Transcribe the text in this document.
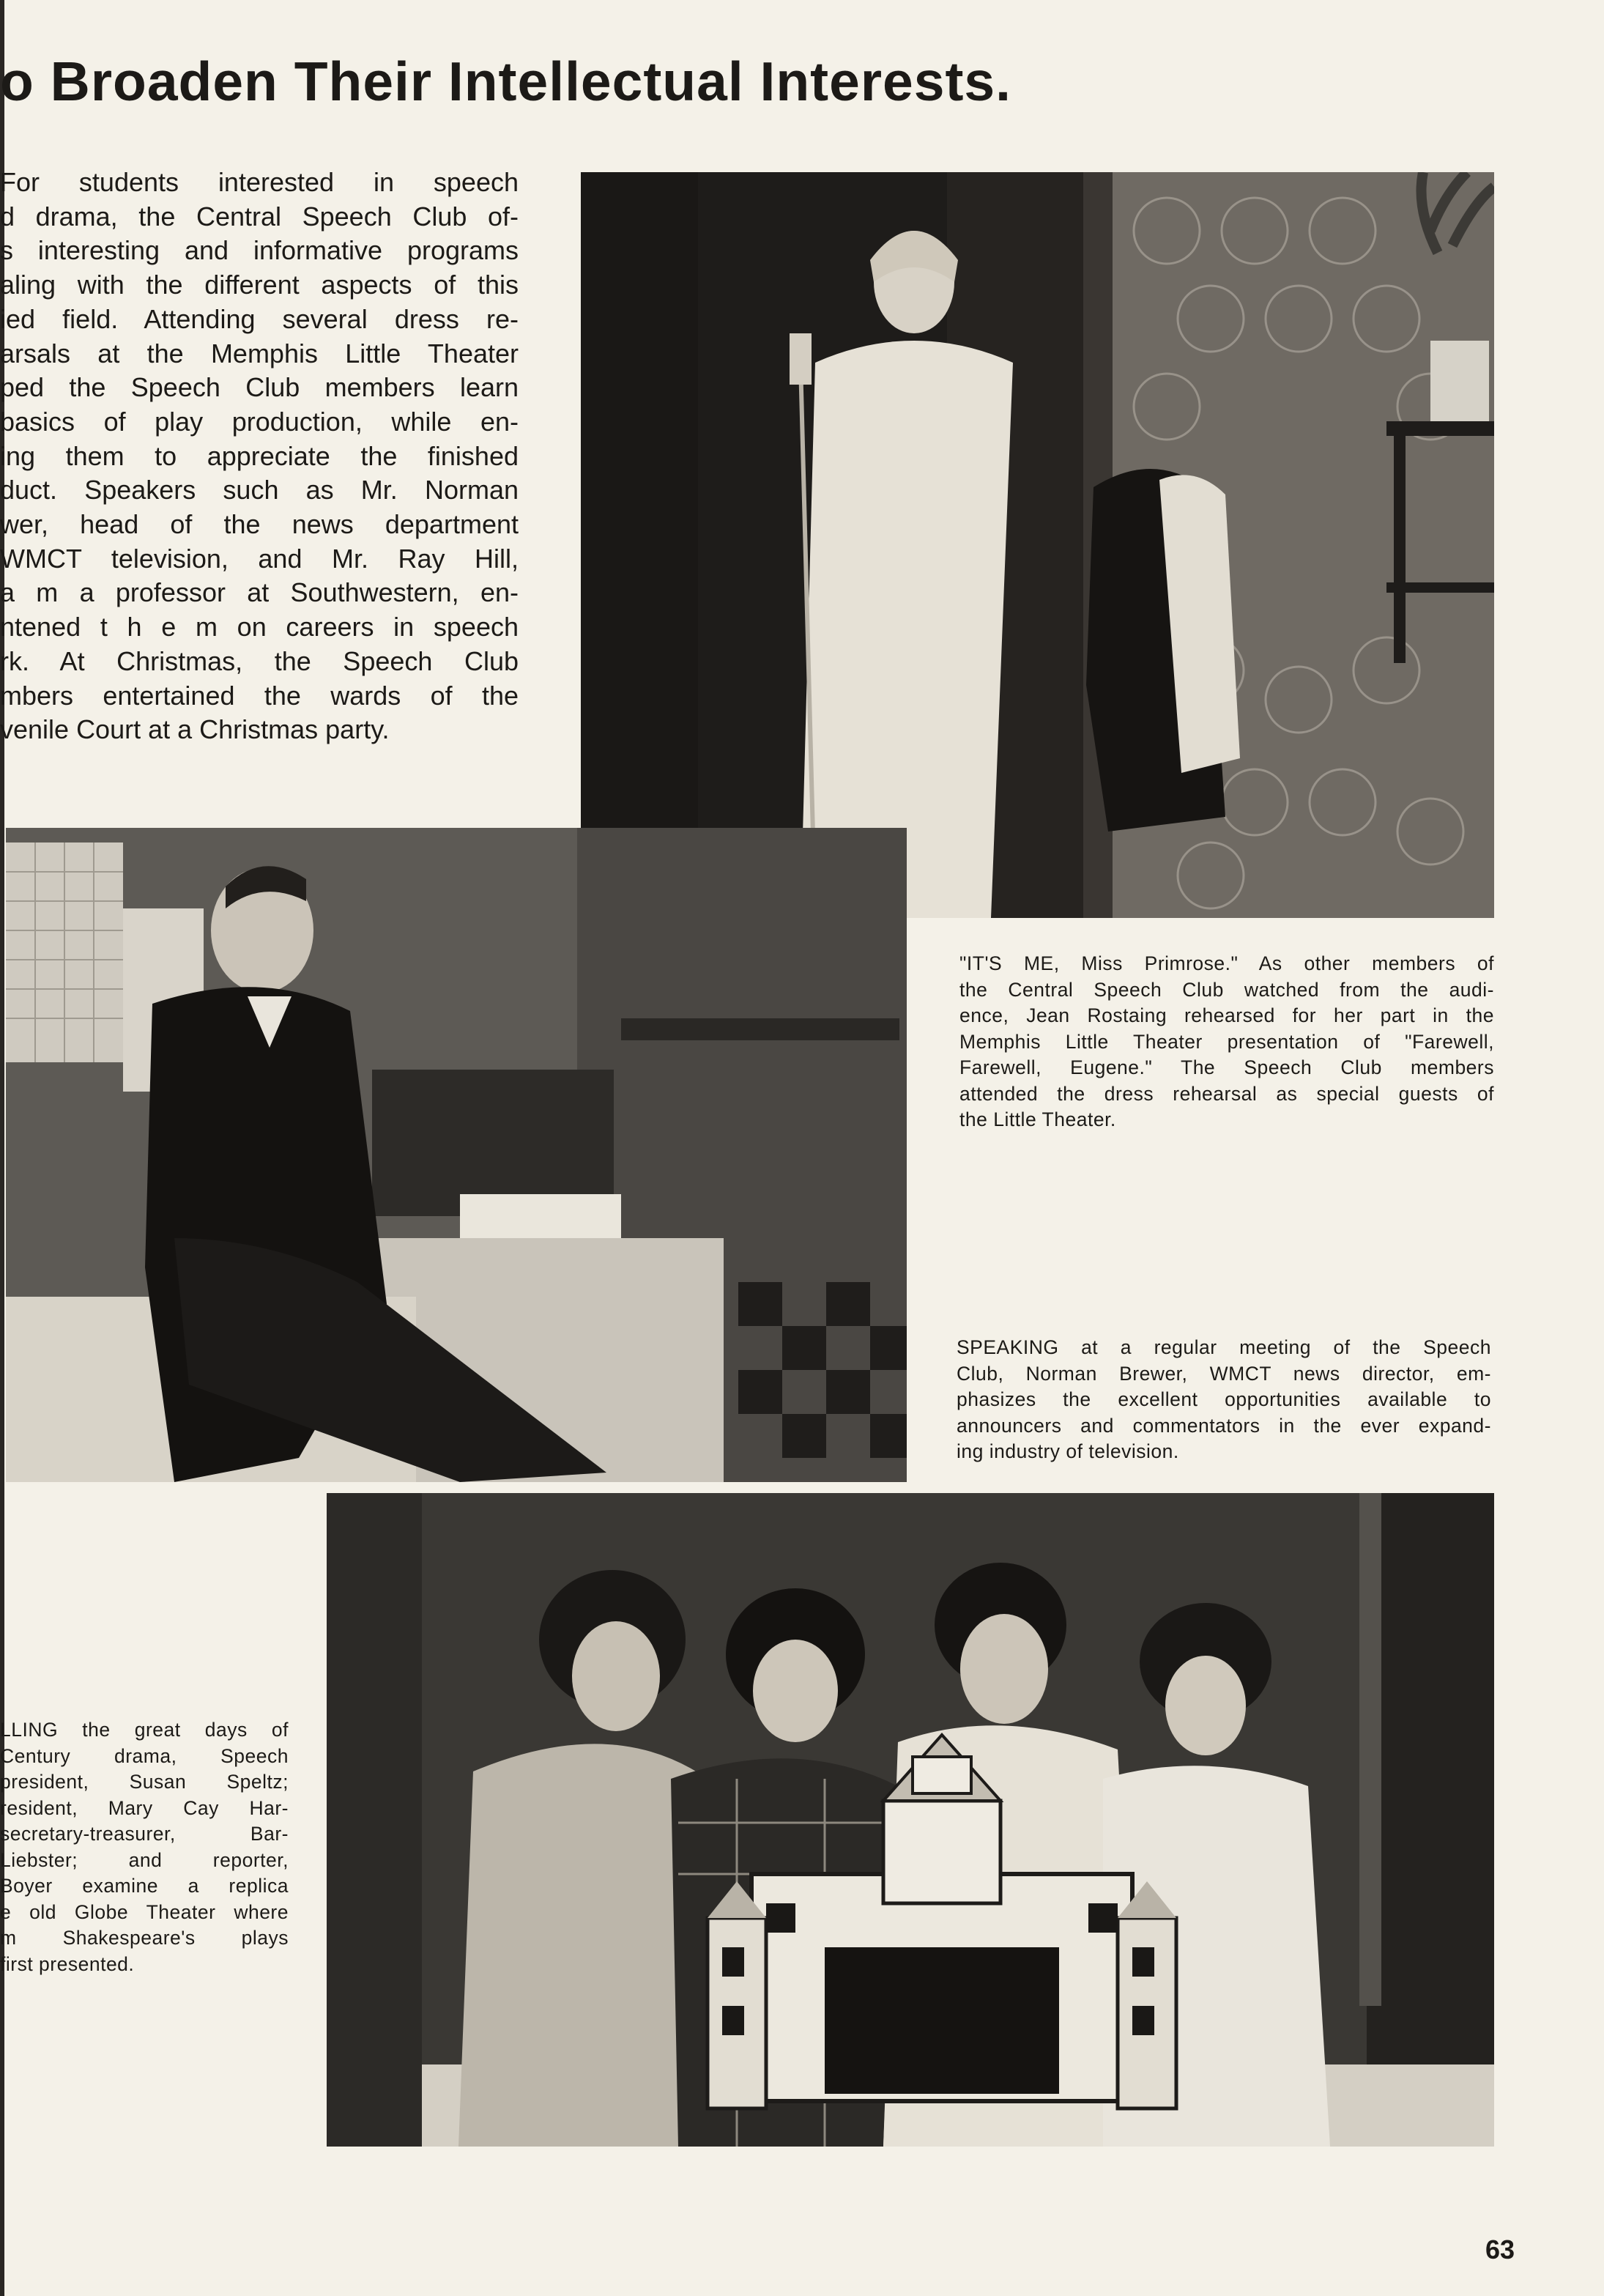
o Broaden Their Intellectual Interests.
For students interested in speech
d drama, the Central Speech Club of-
s interesting and informative programs
aling with the different aspects of this
ied field. Attending several dress re-
arsals at the Memphis Little Theater
ped the Speech Club members learn
basics of play production, while en-
ing them to appreciate the finished
duct. Speakers such as Mr. Norman
wer, head of the news department
WMCT television, and Mr. Ray Hill,
a m a professor at Southwestern, en-
ntened t h e m on careers in speech
rk. At Christmas, the Speech Club
mbers entertained the wards of the
venile Court at a Christmas party.
"IT'S ME, Miss Primrose." As other members of
the Central Speech Club watched from the audi-
ence, Jean Rostaing rehearsed for her part in the
Memphis Little Theater presentation of "Farewell,
Farewell, Eugene." The Speech Club members
attended the dress rehearsal as special guests of
the Little Theater.
SPEAKING at a regular meeting of the Speech
Club, Norman Brewer, WMCT news director, em-
phasizes the excellent opportunities available to
announcers and commentators in the ever expand-
ing industry of television.
LLING the great days of
Century drama, Speech
president, Susan Speltz;
resident, Mary Cay Har-
secretary-treasurer, Bar-
Liebster; and reporter,
Boyer examine a replica
e old Globe Theater where
m Shakespeare's plays
first presented.
63
